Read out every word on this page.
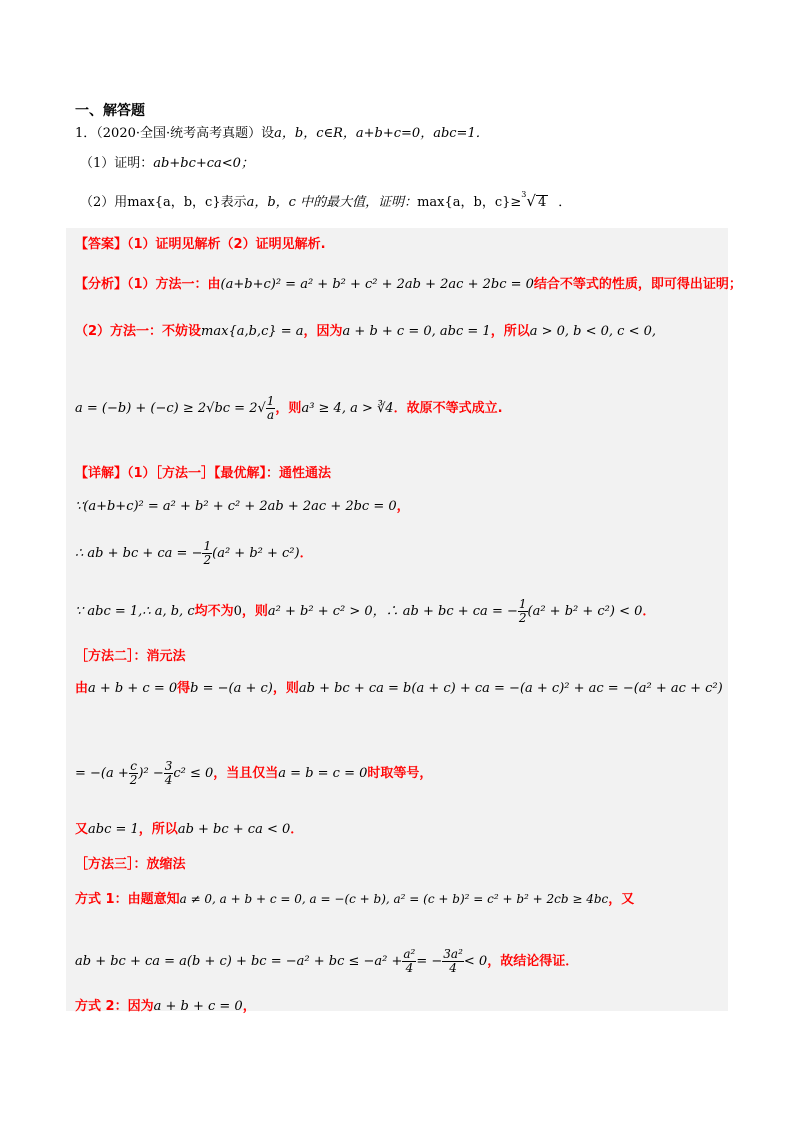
一、解答题
1．（2020·全国·统考高考真题）设a，b，c∈R，a+b+c=0，abc=1．
（1）证明：ab+bc+ca<0；
（2）用max{a，b，c}表示a，b，c 中的最大值，证明：max{a，b，c}≥$^3$√ 4 ．
【答案】（1）证明见解析（2）证明见解析.
【分析】（1）方法一：由(a+b+c)² = a² + b² + c² + 2ab + 2ac + 2bc = 0结合不等式的性质，即可得出证明；
（2）方法一：不妨设max{a,b,c} = a，因为a + b + c = 0, abc = 1，所以a > 0, b < 0, c < 0,
$a = (-b) + (-c) \ge 2√bc = 2√ \frac{1}{a}$ ，则a³ ≥ 4, a > ∛4．故原不等式成立.
【详解】（1）［方法一］【最优解】：通性通法
∵(a+b+c)² = a² + b² + c² + 2ab + 2ac + 2bc = 0，
∴ ab + bc + ca = − $\frac{1}{2} (a^2 + b^2 + c^2)$．
∵ abc = 1,∴ a, b, c均不为0，则a² + b² + c² > 0，∴ ab + bc + ca = − $\frac{1}{2} (a^2 + b^2 + c^2) < 0$．
［方法二］：消元法
由a + b + c = 0得b = −(a + c)，则ab + bc + ca = b(a + c) + ca = −(a + c)² + ac = −(a² + ac + c²)
= $-(a + \frac{c}{2} )^2 - \frac{3}{4} c^2 \le 0$，当且仅当a = b = c = 0时取等号，
又abc = 1，所以ab + bc + ca < 0．
［方法三］：放缩法
方式 1：由题意知a ≠ 0, a + b + c = 0, a = −(c + b), a² = (c + b)² = c² + b² + 2cb ≥ 4bc，又
ab + bc + ca = a(b + c) + bc = −a² + bc ≤ $-a^2 + \frac{\text{a²}}{4}$ = − $\frac{\text{3a²}}{4} < 0$，故结论得证．
方式 2：因为a + b + c = 0，
